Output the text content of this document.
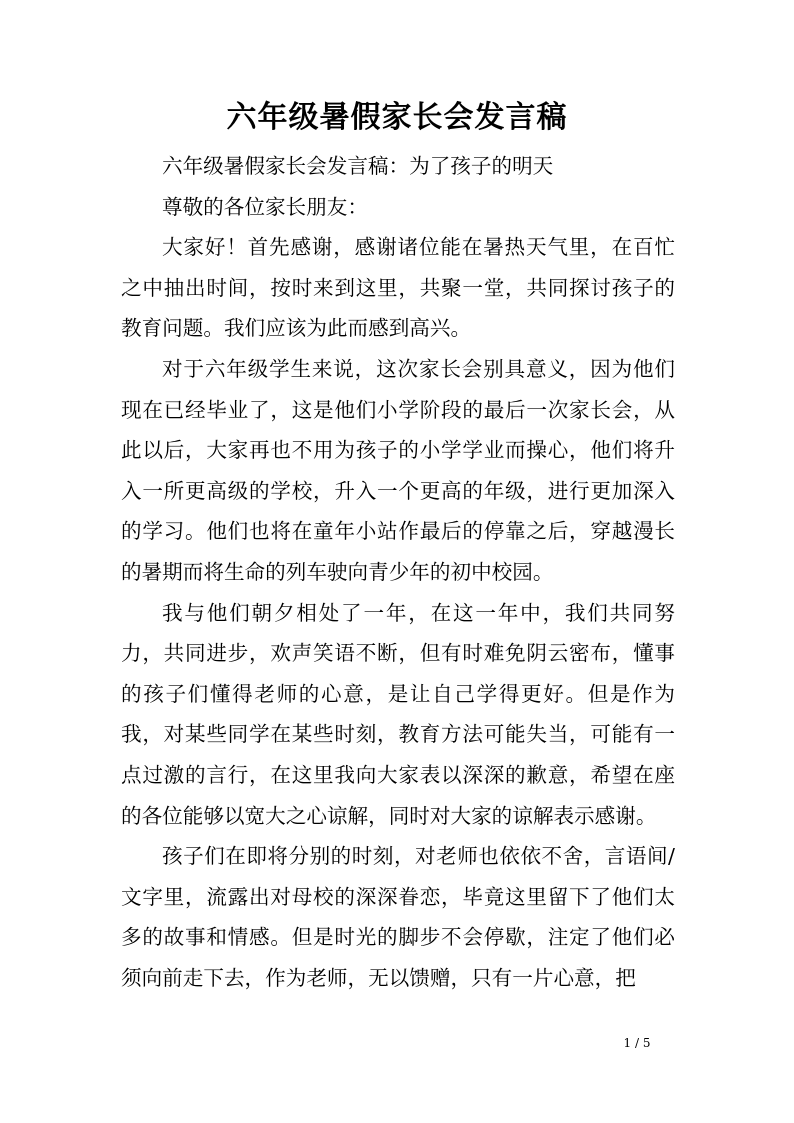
六年级暑假家长会发言稿

六年级暑假家长会发言稿：为了孩子的明天

尊敬的各位家长朋友：

大家好！首先感谢，感谢诸位能在暑热天气里，在百忙之中抽出时间，按时来到这里，共聚一堂，共同探讨孩子的教育问题。我们应该为此而感到高兴。

对于六年级学生来说，这次家长会别具意义，因为他们现在已经毕业了，这是他们小学阶段的最后一次家长会，从此以后，大家再也不用为孩子的小学学业而操心，他们将升入一所更高级的学校，升入一个更高的年级，进行更加深入的学习。他们也将在童年小站作最后的停靠之后，穿越漫长的暑期而将生命的列车驶向青少年的初中校园。

我与他们朝夕相处了一年，在这一年中，我们共同努力，共同进步，欢声笑语不断，但有时难免阴云密布，懂事的孩子们懂得老师的心意，是让自己学得更好。但是作为我，对某些同学在某些时刻，教育方法可能失当，可能有一点过激的言行，在这里我向大家表以深深的歉意，希望在座的各位能够以宽大之心谅解，同时对大家的谅解表示感谢。

孩子们在即将分别的时刻，对老师也依依不舍，言语间/文字里，流露出对母校的深深眷恋，毕竟这里留下了他们太多的故事和情感。但是时光的脚步不会停歇，注定了他们必须向前走下去，作为老师，无以馈赠，只有一片心意，把

1 / 5
